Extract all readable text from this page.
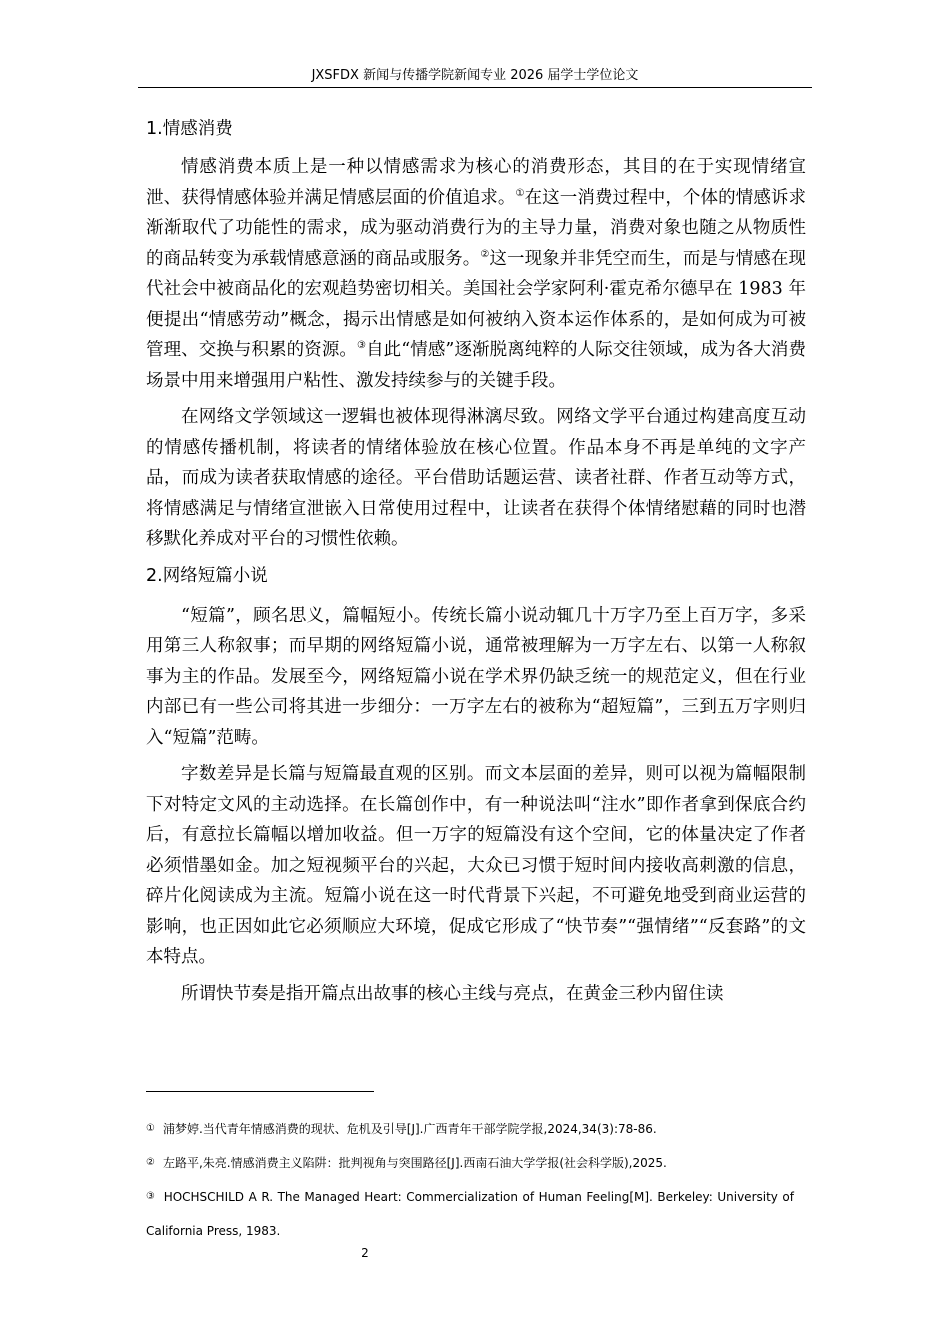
JXSFDX 新闻与传播学院新闻专业 2026 届学士学位论文
1.情感消费

情感消费本质上是一种以情感需求为核心的消费形态，其目的在于实现情绪宣泄、获得情感体验并满足情感层面的价值追求。①在这一消费过程中，个体的情感诉求渐渐取代了功能性的需求，成为驱动消费行为的主导力量，消费对象也随之从物质性的商品转变为承载情感意涵的商品或服务。②这一现象并非凭空而生，而是与情感在现代社会中被商品化的宏观趋势密切相关。美国社会学家阿利·霍克希尔德早在 1983 年便提出“情感劳动”概念，揭示出情感是如何被纳入资本运作体系的，是如何成为可被管理、交换与积累的资源。③自此“情感”逐渐脱离纯粹的人际交往领域，成为各大消费场景中用来增强用户粘性、激发持续参与的关键手段。

在网络文学领域这一逻辑也被体现得淋漓尽致。网络文学平台通过构建高度互动的情感传播机制，将读者的情绪体验放在核心位置。作品本身不再是单纯的文字产品，而成为读者获取情感的途径。平台借助话题运营、读者社群、作者互动等方式，将情感满足与情绪宣泄嵌入日常使用过程中，让读者在获得个体情绪慰藉的同时也潜移默化养成对平台的习惯性依赖。

2.网络短篇小说

“短篇”，顾名思义，篇幅短小。传统长篇小说动辄几十万字乃至上百万字，多采用第三人称叙事；而早期的网络短篇小说，通常被理解为一万字左右、以第一人称叙事为主的作品。发展至今，网络短篇小说在学术界仍缺乏统一的规范定义，但在行业内部已有一些公司将其进一步细分：一万字左右的被称为“超短篇”，三到五万字则归入“短篇”范畴。

字数差异是长篇与短篇最直观的区别。而文本层面的差异，则可以视为篇幅限制下对特定文风的主动选择。在长篇创作中，有一种说法叫“注水”即作者拿到保底合约后，有意拉长篇幅以增加收益。但一万字的短篇没有这个空间，它的体量决定了作者必须惜墨如金。加之短视频平台的兴起，大众已习惯于短时间内接收高刺激的信息，碎片化阅读成为主流。短篇小说在这一时代背景下兴起，不可避免地受到商业运营的影响，也正因如此它必须顺应大环境，促成它形成了“快节奏”“强情绪”“反套路”的文本特点。

所谓快节奏是指开篇点出故事的核心主线与亮点，在黄金三秒内留住读

① 浦梦婷.当代青年情感消费的现状、危机及引导[J].广西青年干部学院学报,2024,34(3):78-86.
② 左路平,朱亮.情感消费主义陷阱：批判视角与突围路径[J].西南石油大学学报(社会科学版),2025.
③ HOCHSCHILD A R. The Managed Heart: Commercialization of Human Feeling[M]. Berkeley: University of California Press, 1983.
2
